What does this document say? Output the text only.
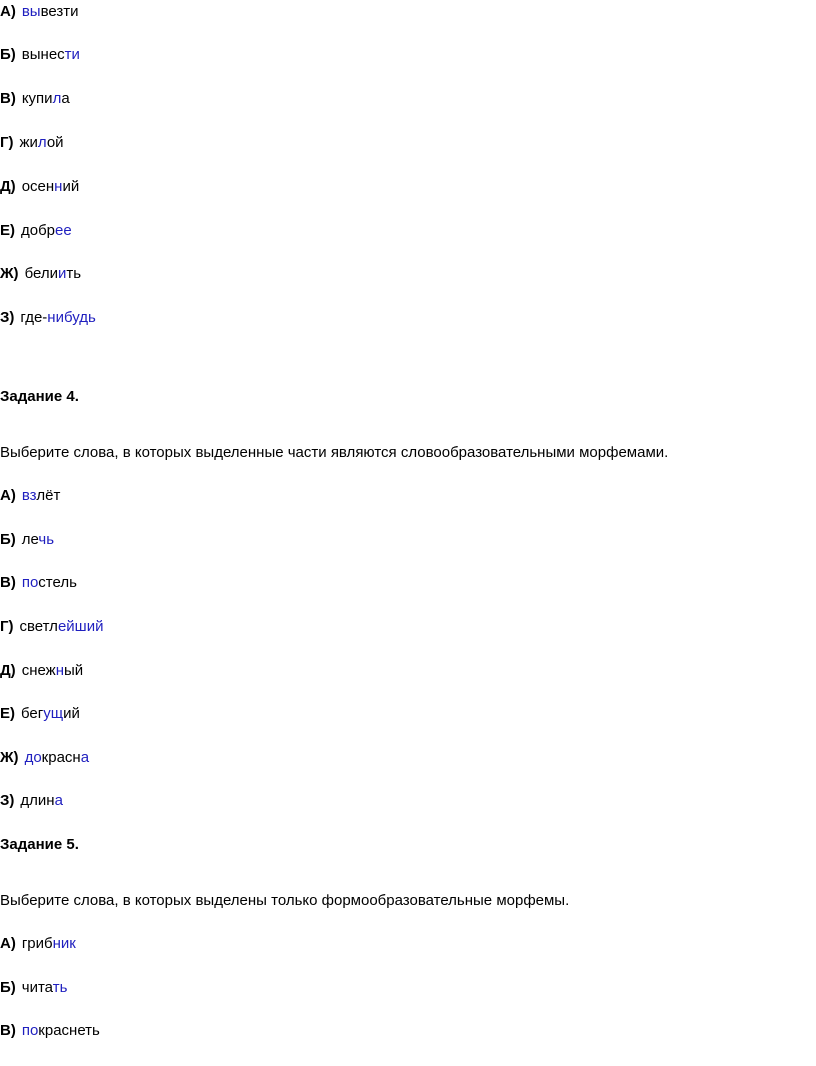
А) вывезти
Б) вынести
В) купила
Г) жилой
Д) осенний
Е) добрее
Ж) белиить
З) где-нибудь
Задание 4.
Выберите слова, в которых выделенные части являются словообразовательными морфемами.
А) взлёт
Б) лечь
В) постель
Г) светлейший
Д) снежный
Е) бегущий
Ж) докрасна
З) длина
Задание 5.
Выберите слова, в которых выделены только формообразовательные морфемы.
А) грибник
Б) читать
В) покраснеть
